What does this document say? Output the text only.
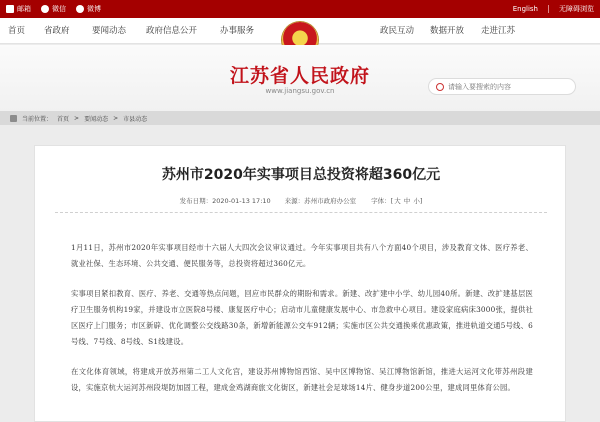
邮箱	微信	微博	English	无障碍浏览
首页 省政府	要闻动态 政府信息公开	办事服务	政民互动 数据开放 走进江苏
江苏省人民政府
www.jiangsu.gov.cn
请输入要搜索的内容
当前位置： 首页 > 要闻动态 > 市县动态
苏州市2020年实事项目总投资将超360亿元
发布日期：2020-01-13 17:10 来源：苏州市政府办公室 字体：[大 中 小]

1月11日，苏州市2020年实事项目经市十六届人大四次会议审议通过。今年实事项目共有八个方面40个项目，涉及教育文体、医疗养老、就业社保、生态环境、公共交通、便民服务等，总投资将超过360亿元。

实事项目紧扣教育、医疗、养老、交通等热点问题，回应市民群众的期盼和需求。新建、改扩建中小学、幼儿园40所。新建、改扩建基层医疗卫生服务机构19家，并建设市立医院8号楼、康复医疗中心；启动市儿童健康发展中心、市急救中心项目。建设家庭病床3000张，提供社区医疗上门服务；市区新辟、优化调整公交线路30条，新增新能源公交车912辆；实施市区公共交通换乘优惠政策，推进轨道交通5号线、6号线、7号线、8号线、S1线建设。

在文化体育领域，将建成开放苏州第二工人文化宫，建设苏州博物馆西馆、吴中区博物馆、吴江博物馆新馆，推进大运河文化带苏州段建设，实施京杭大运河苏州段堤防加固工程，建成金鸡湖商旅文化街区，新建社会足球场14片、健身步道200公里，建成同里体育公园。
